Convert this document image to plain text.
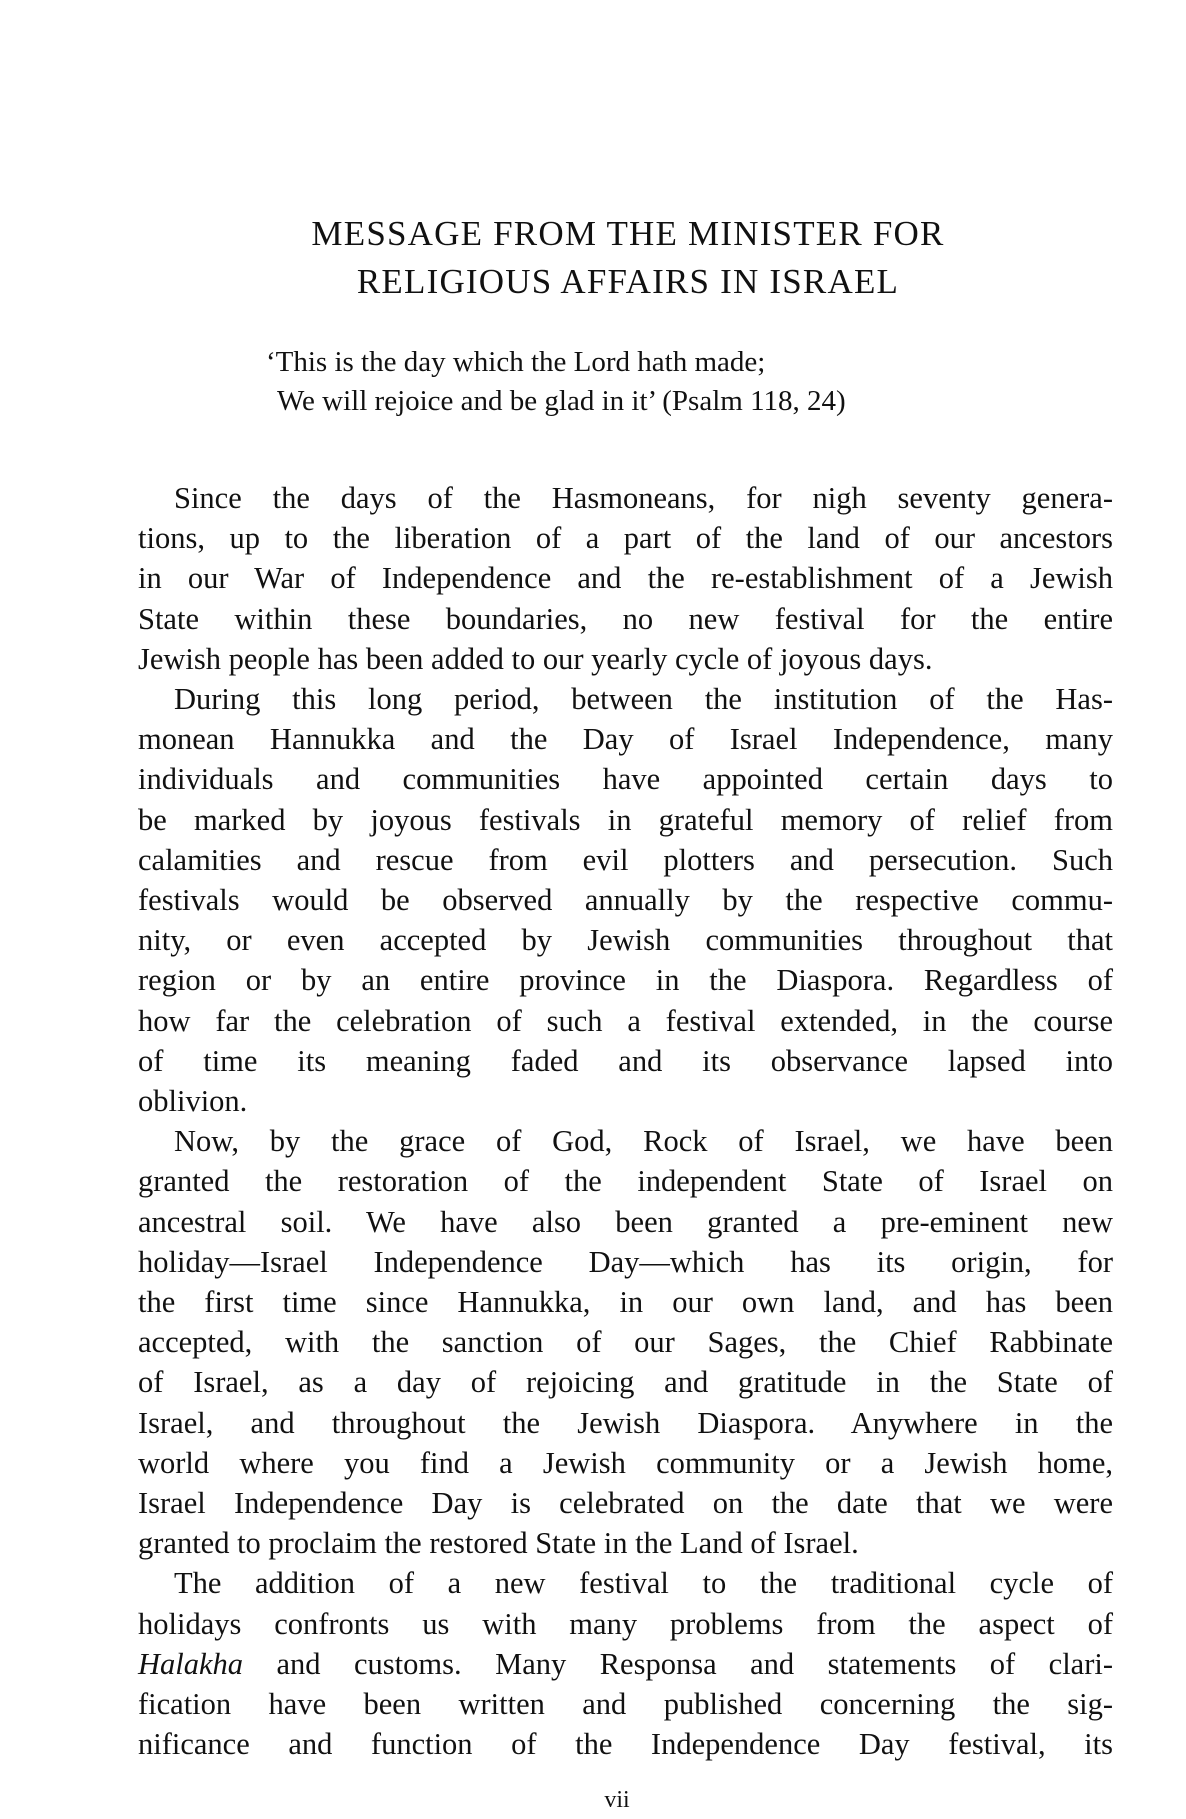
MESSAGE FROM THE MINISTER FOR
RELIGIOUS AFFAIRS IN ISRAEL
‘This is the day which the Lord hath made;
We will rejoice and be glad in it’ (Psalm 118, 24)
Since the days of the Hasmoneans, for nigh seventy genera-
tions, up to the liberation of a part of the land of our ancestors
in our War of Independence and the re-establishment of a Jewish
State within these boundaries, no new festival for the entire
Jewish people has been added to our yearly cycle of joyous days.
During this long period, between the institution of the Has-
monean Hannukka and the Day of Israel Independence, many
individuals and communities have appointed certain days to
be marked by joyous festivals in grateful memory of relief from
calamities and rescue from evil plotters and persecution. Such
festivals would be observed annually by the respective commu-
nity, or even accepted by Jewish communities throughout that
region or by an entire province in the Diaspora. Regardless of
how far the celebration of such a festival extended, in the course
of time its meaning faded and its observance lapsed into
oblivion.
Now, by the grace of God, Rock of Israel, we have been
granted the restoration of the independent State of Israel on
ancestral soil. We have also been granted a pre-eminent new
holiday—Israel Independence Day—which has its origin, for
the first time since Hannukka, in our own land, and has been
accepted, with the sanction of our Sages, the Chief Rabbinate
of Israel, as a day of rejoicing and gratitude in the State of
Israel, and throughout the Jewish Diaspora. Anywhere in the
world where you find a Jewish community or a Jewish home,
Israel Independence Day is celebrated on the date that we were
granted to proclaim the restored State in the Land of Israel.
The addition of a new festival to the traditional cycle of
holidays confronts us with many problems from the aspect of
Halakha and customs. Many Responsa and statements of clari-
fication have been written and published concerning the sig-
nificance and function of the Independence Day festival, its
vii
